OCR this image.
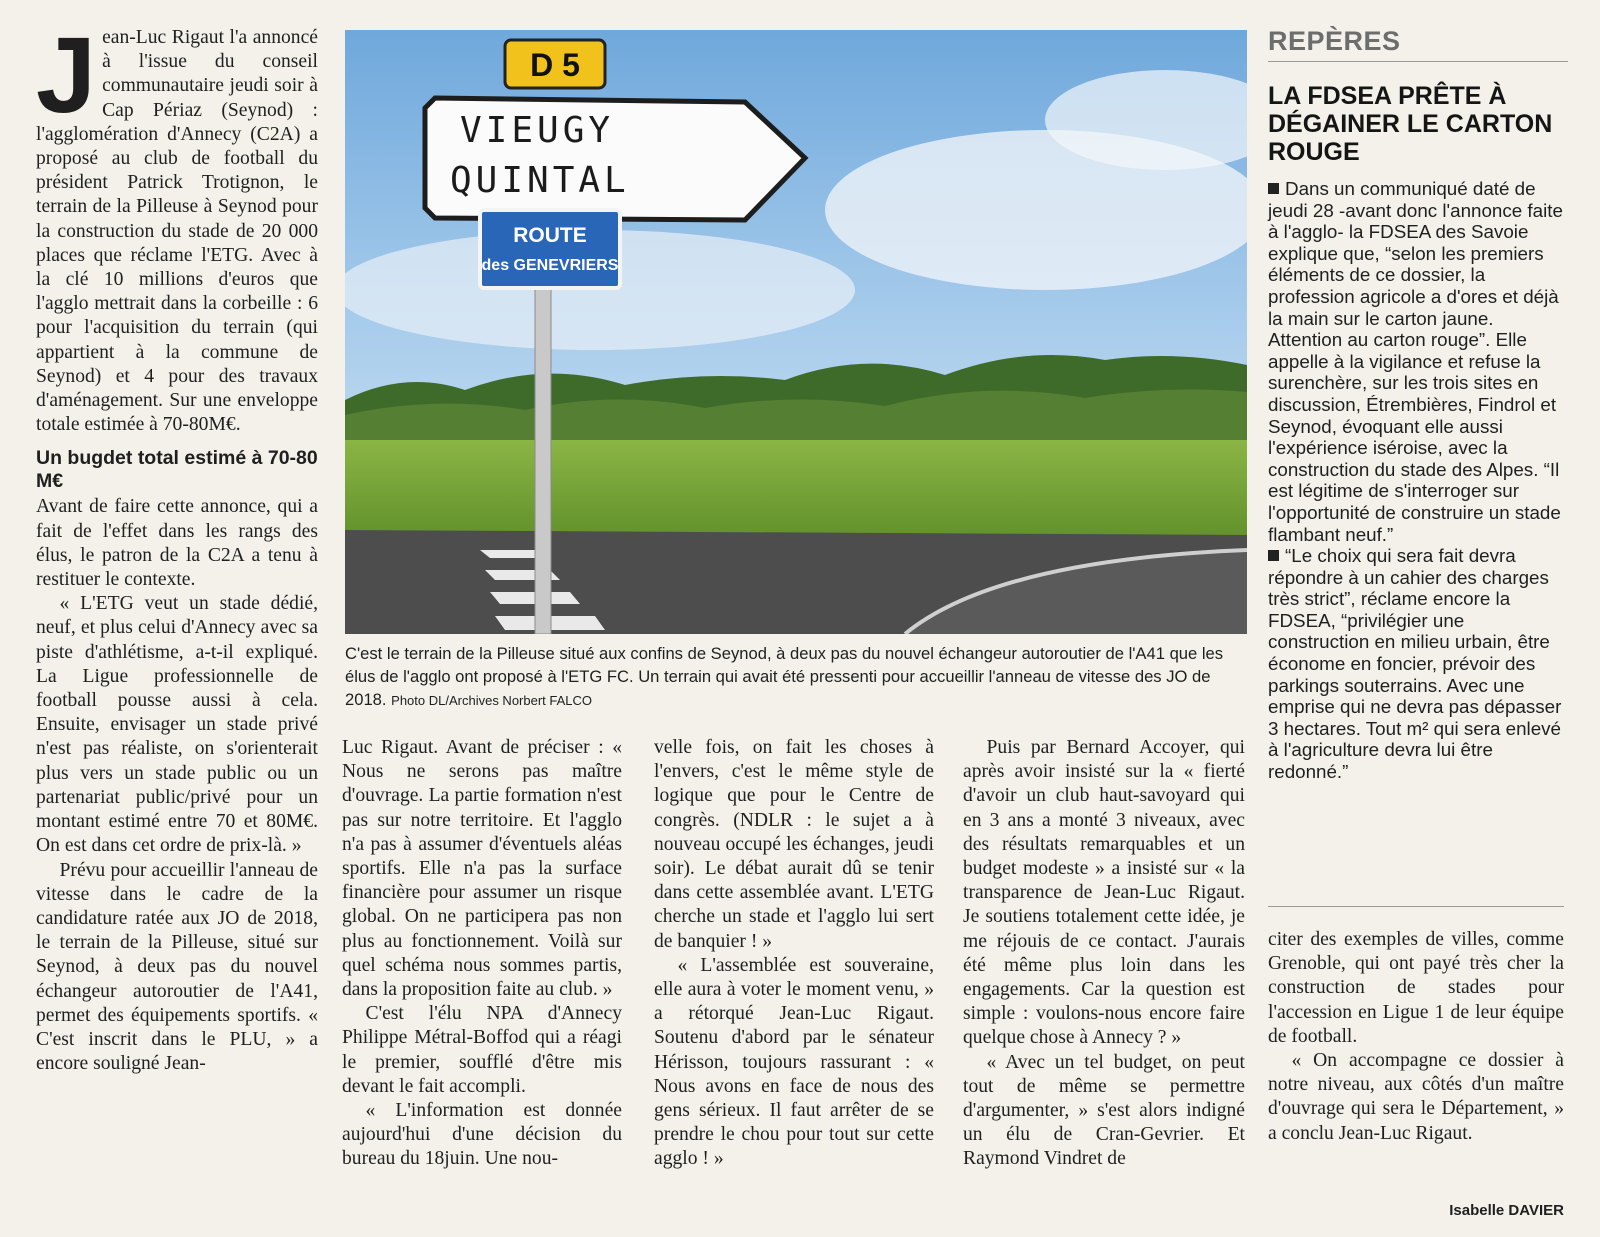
Jean-Luc Rigaut l'a annoncé à l'issue du conseil communautaire jeudi soir à Cap Périaz (Seynod) : l'agglomération d'Annecy (C2A) a proposé au club de football du président Patrick Trotignon, le terrain de la Pilleuse à Seynod pour la construction du stade de 20 000 places que réclame l'ETG. Avec à la clé 10 millions d'euros que l'agglo mettrait dans la corbeille : 6 pour l'acquisition du terrain (qui appartient à la commune de Seynod) et 4 pour des travaux d'aménagement. Sur une enveloppe totale estimée à 70-80M€.

Un bugdet total estimé à 70-80 M€

Avant de faire cette annonce, qui a fait de l'effet dans les rangs des élus, le patron de la C2A a tenu à restituer le contexte.

« L'ETG veut un stade dédié, neuf, et plus celui d'Annecy avec sa piste d'athlétisme, a-t-il expliqué. La Ligue professionnelle de football pousse aussi à cela. Ensuite, envisager un stade privé n'est pas réaliste, on s'orienterait plus vers un stade public ou un partenariat public/privé pour un montant estimé entre 70 et 80M€. On est dans cet ordre de prix-là. »

Prévu pour accueillir l'anneau de vitesse dans le cadre de la candidature ratée aux JO de 2018, le terrain de la Pilleuse, situé sur Seynod, à deux pas du nouvel échangeur autoroutier de l'A41, permet des équipements sportifs. « C'est inscrit dans le PLU, » a encore souligné Jean-

D 5
VIEUGY
QUINTAL
ROUTE
des GENEVRIERS
C'est le terrain de la Pilleuse situé aux confins de Seynod, à deux pas du nouvel échangeur autoroutier de l'A41 que les élus de l'agglo ont proposé à l'ETG FC. Un terrain qui avait été pressenti pour accueillir l'anneau de vitesse des JO de 2018. Photo DL/Archives Norbert FALCO

Luc Rigaut. Avant de préciser : « Nous ne serons pas maître d'ouvrage. La partie formation n'est pas sur notre territoire. Et l'agglo n'a pas à assumer d'éventuels aléas sportifs. Elle n'a pas la surface financière pour assumer un risque global. On ne participera pas non plus au fonctionnement. Voilà sur quel schéma nous sommes partis, dans la proposition faite au club. »

C'est l'élu NPA d'Annecy Philippe Métral-Boffod qui a réagi le premier, soufflé d'être mis devant le fait accompli.

« L'information est donnée aujourd'hui d'une décision du bureau du 18juin. Une nou-

velle fois, on fait les choses à l'envers, c'est le même style de logique que pour le Centre de congrès. (NDLR : le sujet a à nouveau occupé les échanges, jeudi soir). Le débat aurait dû se tenir dans cette assemblée avant. L'ETG cherche un stade et l'agglo lui sert de banquier ! »

« L'assemblée est souveraine, elle aura à voter le moment venu, » a rétorqué Jean-Luc Rigaut. Soutenu d'abord par le sénateur Hérisson, toujours rassurant : « Nous avons en face de nous des gens sérieux. Il faut arrêter de se prendre le chou pour tout sur cette agglo ! »

Puis par Bernard Accoyer, qui après avoir insisté sur la « fierté d'avoir un club haut-savoyard qui en 3 ans a monté 3 niveaux, avec des résultats remarquables et un budget modeste » a insisté sur « la transparence de Jean-Luc Rigaut. Je soutiens totalement cette idée, je me réjouis de ce contact. J'aurais été même plus loin dans les engagements. Car la question est simple : voulons-nous encore faire quelque chose à Annecy ? »

« Avec un tel budget, on peut tout de même se permettre d'argumenter, » s'est alors indigné un élu de Cran-Gevrier. Et Raymond Vindret de

REPÈRES
LA FDSEA PRÊTE À DÉGAINER LE CARTON ROUGE

Dans un communiqué daté de jeudi 28 -avant donc l'annonce faite à l'agglo- la FDSEA des Savoie explique que, “selon les premiers éléments de ce dossier, la profession agricole a d'ores et déjà la main sur le carton jaune. Attention au carton rouge”. Elle appelle à la vigilance et refuse la surenchère, sur les trois sites en discussion, Étrembières, Findrol et Seynod, évoquant elle aussi l'expérience iséroise, avec la construction du stade des Alpes. “Il est légitime de s'interroger sur l'opportunité de construire un stade flambant neuf.”

“Le choix qui sera fait devra répondre à un cahier des charges très strict”, réclame encore la FDSEA, “privilégier une construction en milieu urbain, être économe en foncier, prévoir des parkings souterrains. Avec une emprise qui ne devra pas dépasser 3 hectares. Tout m² qui sera enlevé à l'agriculture devra lui être redonné.”

citer des exemples de villes, comme Grenoble, qui ont payé très cher la construction de stades pour l'accession en Ligue 1 de leur équipe de football.

« On accompagne ce dossier à notre niveau, aux côtés d'un maître d'ouvrage qui sera le Département, » a conclu Jean-Luc Rigaut.

Isabelle DAVIER
